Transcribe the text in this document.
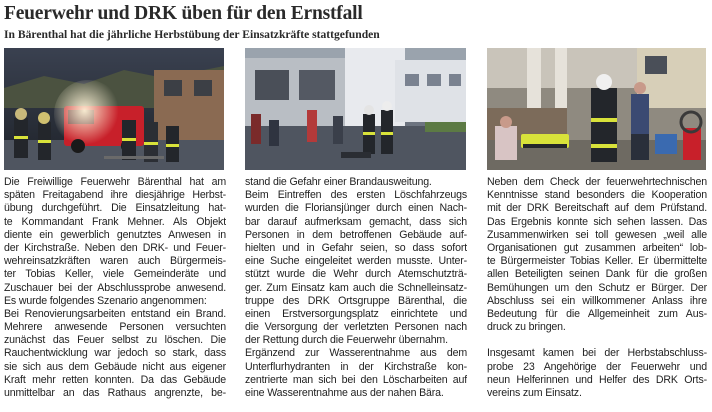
Feuerwehr und DRK üben für den Ernstfall
In Bärenthal hat die jährliche Herbstübung der Einsatzkräfte stattgefunden
Die Freiwillige Feuerwehr Bärenthal hat am
späten Freitagabend ihre diesjährige Herbst-
übung durchgeführt. Die Einsatzleitung hat-
te Kommandant Frank Mehner. Als Objekt
diente ein gewerblich genutztes Anwesen in
der Kirchstraße. Neben den DRK- und Feuer-
wehreinsatzkräften waren auch Bürgermeis-
ter Tobias Keller, viele Gemeinderäte und
Zuschauer bei der Abschlussprobe anwesend.
Es wurde folgendes Szenario angenommen:
Bei Renovierungsarbeiten entstand ein Brand.
Mehrere anwesende Personen versuchten
zunächst das Feuer selbst zu löschen. Die
Rauchentwicklung war jedoch so stark, dass
sie sich aus dem Gebäude nicht aus eigener
Kraft mehr retten konnten. Da das Gebäude
unmittelbar an das Rathaus angrenzte, be-
stand die Gefahr einer Brandausweitung.
Beim Eintreffen des ersten Löschfahrzeugs
wurden die Floriansjünger durch einen Nach-
bar darauf aufmerksam gemacht, dass sich
Personen in dem betroffenen Gebäude auf-
hielten und in Gefahr seien, so dass sofort
eine Suche eingeleitet werden musste. Unter-
stützt wurde die Wehr durch Atemschutzträ-
ger. Zum Einsatz kam auch die Schnelleinsatz-
truppe des DRK Ortsgruppe Bärenthal, die
einen Erstversorgungsplatz einrichtete und
die Versorgung der verletzten Personen nach
der Rettung durch die Feuerwehr übernahm.
Ergänzend zur Wasserentnahme aus dem
Unterflurhydranten in der Kirchstraße kon-
zentrierte man sich bei den Löscharbeiten auf
eine Wasserentnahme aus der nahen Bära.
Neben dem Check der feuerwehrtechnischen
Kenntnisse stand besonders die Kooperation
mit der DRK Bereitschaft auf dem Prüfstand.
Das Ergebnis konnte sich sehen lassen. Das
Zusammenwirken sei toll gewesen „weil alle
Organisationen gut zusammen arbeiten“ lob-
te Bürgermeister Tobias Keller. Er übermittelte
allen Beteiligten seinen Dank für die großen
Bemühungen um den Schutz er Bürger. Der
Abschluss sei ein willkommener Anlass ihre
Bedeutung für die Allgemeinheit zum Aus-
druck zu bringen.
Insgesamt kamen bei der Herbstabschluss-
probe 23 Angehörige der Feuerwehr und
neun Helferinnen und Helfer des DRK Orts-
vereins zum Einsatz.
